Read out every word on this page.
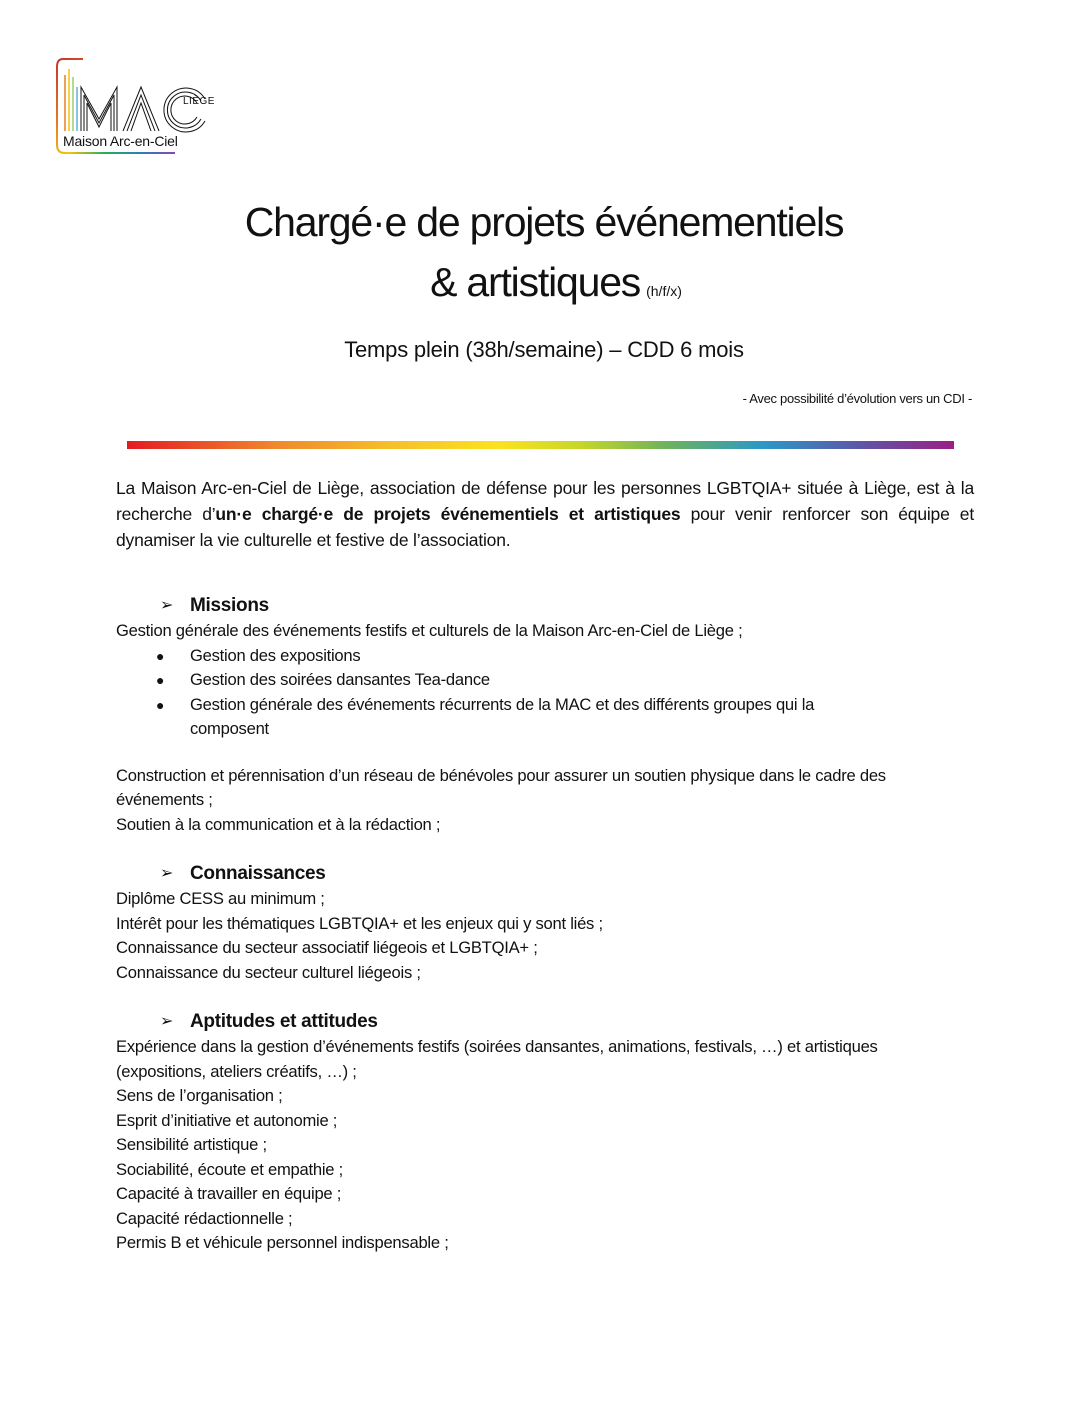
LIÈGE
Maison Arc-en-Ciel
Chargé·e de projets événementiels
& artistiques (h/f/x)
Temps plein (38h/semaine) – CDD 6 mois
- Avec possibilité d’évolution vers un CDI -

La Maison Arc-en-Ciel de Liège, association de défense pour les personnes LGBTQIA+ située à Liège, est à la recherche d’un·e chargé·e de projets événementiels et artistiques pour venir renforcer son équipe et dynamiser la vie culturelle et festive de l’association.

➢ Missions
Gestion générale des événements festifs et culturels de la Maison Arc-en-Ciel de Liège ;
●	Gestion des expositions
●	Gestion des soirées dansantes Tea-dance
●	Gestion générale des événements récurrents de la MAC et des différents groupes qui la composent
Construction et pérennisation d’un réseau de bénévoles pour assurer un soutien physique dans le cadre des
événements ;
Soutien à la communication et à la rédaction ;
➢ Connaissances
Diplôme CESS au minimum ;
Intérêt pour les thématiques LGBTQIA+ et les enjeux qui y sont liés ;
Connaissance du secteur associatif liégeois et LGBTQIA+ ;
Connaissance du secteur culturel liégeois ;
➢ Aptitudes et attitudes
Expérience dans la gestion d’événements festifs (soirées dansantes, animations, festivals, …) et artistiques
(expositions, ateliers créatifs, …) ;
Sens de l’organisation ;
Esprit d’initiative et autonomie ;
Sensibilité artistique ;
Sociabilité, écoute et empathie ;
Capacité à travailler en équipe ;
Capacité rédactionnelle ;
Permis B et véhicule personnel indispensable ;
